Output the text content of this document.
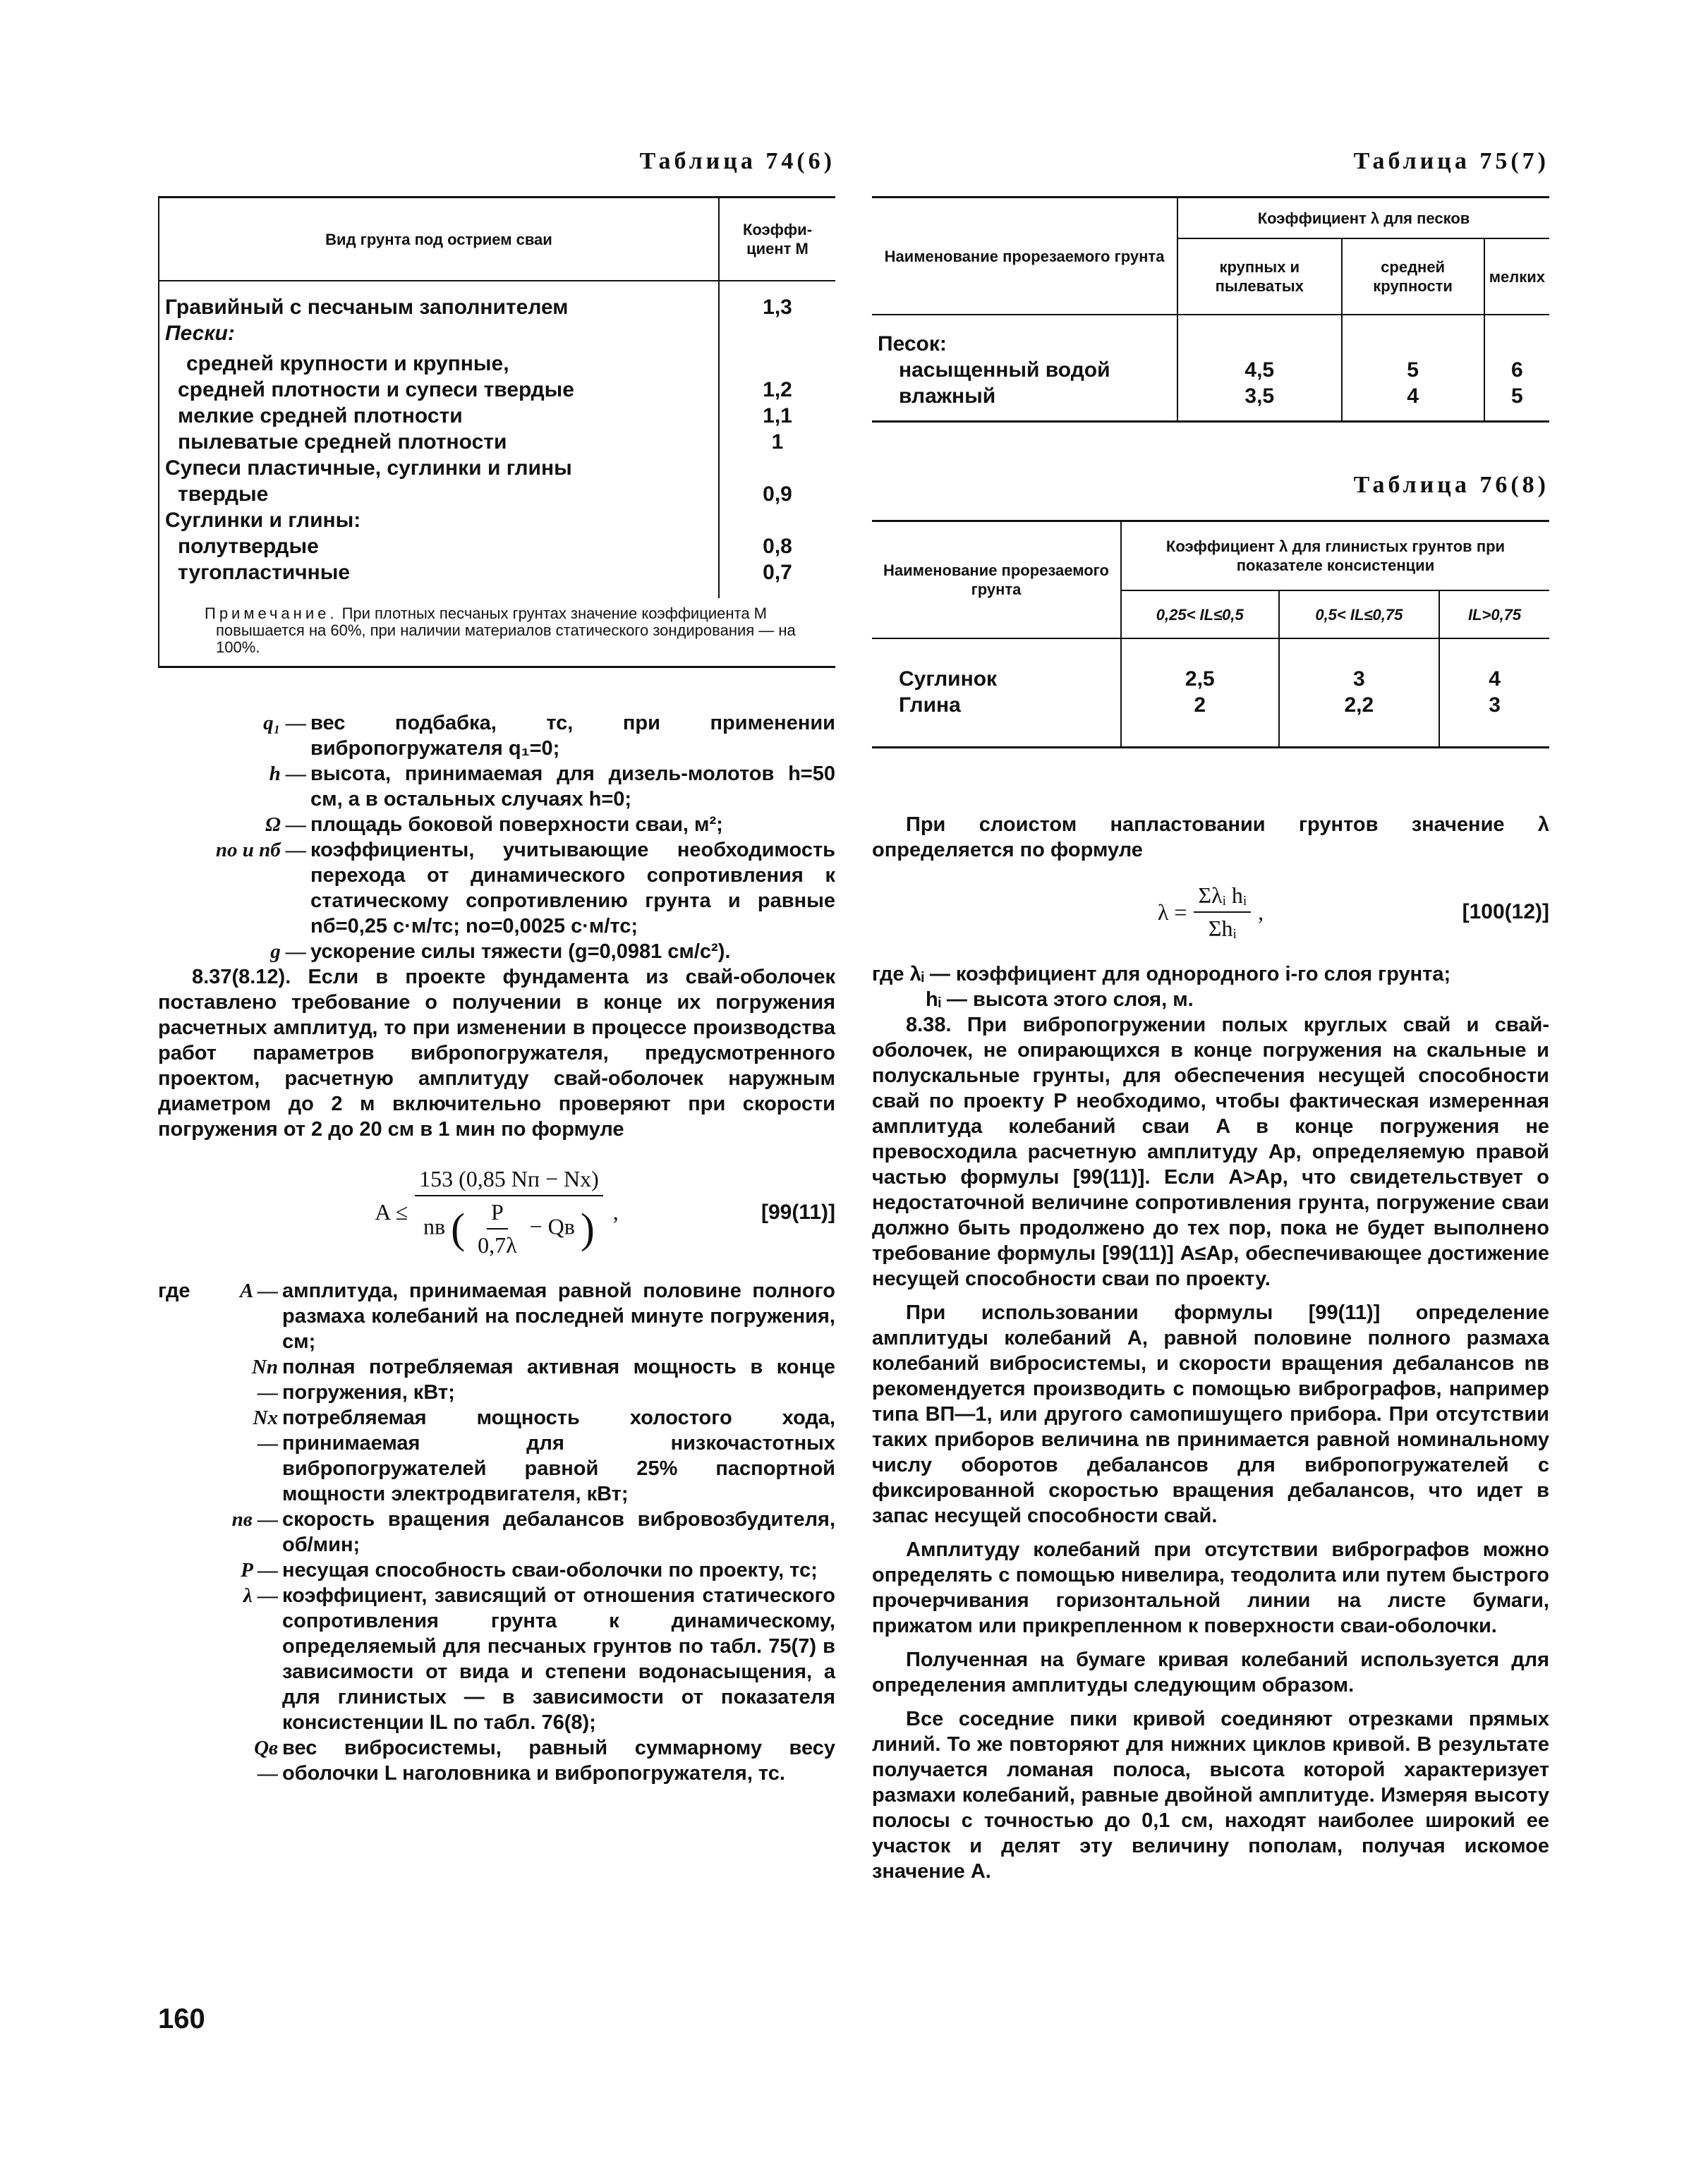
Таблица 74(6)
Вид грунта под острием сваи	Коэффи-
циент M

Гравийный с песчаным заполнителем	1,3
Пески:	

средней крупности и крупные,	
средней плотности и супеси твердые	1,2
мелкие средней плотности	1,1
пылеватые средней плотности	1
Супеси пластичные, суглинки и глины	
твердые	0,9
Суглинки и глины:	
полутвердые	0,8
тугопластичные	0,7

Примечание. При плотных песчаных грунтах значение коэффициента M повышается на 60%, при наличии материалов статического зондирования — на 100%.
q₁ — вес подбабка, тс, при применении вибропогружателя q₁=0;
h — высота, принимаемая для дизель-молотов h=50 см, а в остальных случаях h=0;
Ω — площадь боковой поверхности сваи, м²;
nо и nб — коэффициенты, учитывающие необходимость перехода от динамического сопротивления к статическому сопротивлению грунта и равные nб=0,25 с·м/тс; nо=0,0025 с·м/тс;
g — ускорение силы тяжести (g=0,0981 см/с²).

8.37(8.12). Если в проекте фундамента из свай-оболочек поставлено требование о получении в конце их погружения расчетных амплитуд, то при изменении в процессе производства работ параметров вибропогружателя, предусмотренного проектом, расчетную амплитуду свай-оболочек наружным диаметром до 2 м включительно проверяют при скорости погружения от 2 до 20 см в 1 мин по формуле

A ≤
153 (0,85 Nп − Nх)
nв ( $\frac{P}{0,7\lambda}$ − Qв ) ,	[99(11)]
где	A — амплитуда, принимаемая равной половине полного размаха колебаний на последней минуте погружения, см;
Nп —
полная потребляемая активная мощность в конце погружения, кВт;
Nх —
потребляемая мощность холостого хода, принимаемая для низкочастотных вибропогружателей равной 25% паспортной мощности электродвигателя, кВт;
nв — скорость вращения дебалансов вибровозбудителя, об/мин;
P — несущая способность сваи-оболочки по проекту, тс;
λ — коэффициент, зависящий от отношения статического сопротивления грунта к динамическому, определяемый для песчаных грунтов по табл. 75(7) в зависимости от вида и степени водонасыщения, а для глинистых — в зависимости от показателя консистенции IL по табл. 76(8);
Qв —
вес вибросистемы, равный суммарному весу оболочки L наголовника и вибропогружателя, тс.
Таблица 75(7)
Наименование прорезаемого грунта	Коэффициент λ для песков		
	крупных и пылеватых	средней крупности	мелких

Песок:			
насыщенный водой	4,5	5	6
влажный	3,5	4	5

Таблица 76(8)
Наименование прорезаемого грунта	Коэффициент λ для глинистых грунтов при показателе консистенции		
	0,25< IL≤0,5	0,5< IL≤0,75	IL>0,75

Суглинок	2,5	3	4
Глина	2	2,2	3

При слоистом напластовании грунтов значение λ определяется по формуле

$\lambda = \frac{\text{Σλᵢ hᵢ}}{\text{Σhᵢ}}$ ,	[100(12)]
где λᵢ — коэффициент для однородного i-го слоя грунта;
hᵢ — высота этого слоя, м.

8.38. При вибропогружении полых круглых свай и свай-оболочек, не опирающихся в конце погружения на скальные и полускальные грунты, для обеспечения несущей способности свай по проекту P необходимо, чтобы фактическая измеренная амплитуда колебаний сваи A в конце погружения не превосходила расчетную амплитуду Aр, определяемую правой частью формулы [99(11)]. Если A>Aр, что свидетельствует о недостаточной величине сопротивления грунта, погружение сваи должно быть продолжено до тех пор, пока не будет выполнено требование формулы [99(11)] A≤Aр, обеспечивающее достижение несущей способности сваи по проекту.

При использовании формулы [99(11)] определение амплитуды колебаний A, равной половине полного размаха колебаний вибросистемы, и скорости вращения дебалансов nв рекомендуется производить с помощью вибрографов, например типа ВП—1, или другого самопишущего прибора. При отсутствии таких приборов величина nв принимается равной номинальному числу оборотов дебалансов для вибропогружателей с фиксированной скоростью вращения дебалансов, что идет в запас несущей способности свай.

Амплитуду колебаний при отсутствии вибрографов можно определять с помощью нивелира, теодолита или путем быстрого прочерчивания горизонтальной линии на листе бумаги, прижатом или прикрепленном к поверхности сваи-оболочки.

Полученная на бумаге кривая колебаний используется для определения амплитуды следующим образом.

Все соседние пики кривой соединяют отрезками прямых линий. То же повторяют для нижних циклов кривой. В результате получается ломаная полоса, высота которой характеризует размахи колебаний, равные двойной амплитуде. Измеряя высоту полосы с точностью до 0,1 см, находят наиболее широкий ее участок и делят эту величину пополам, получая искомое значение A.

160
